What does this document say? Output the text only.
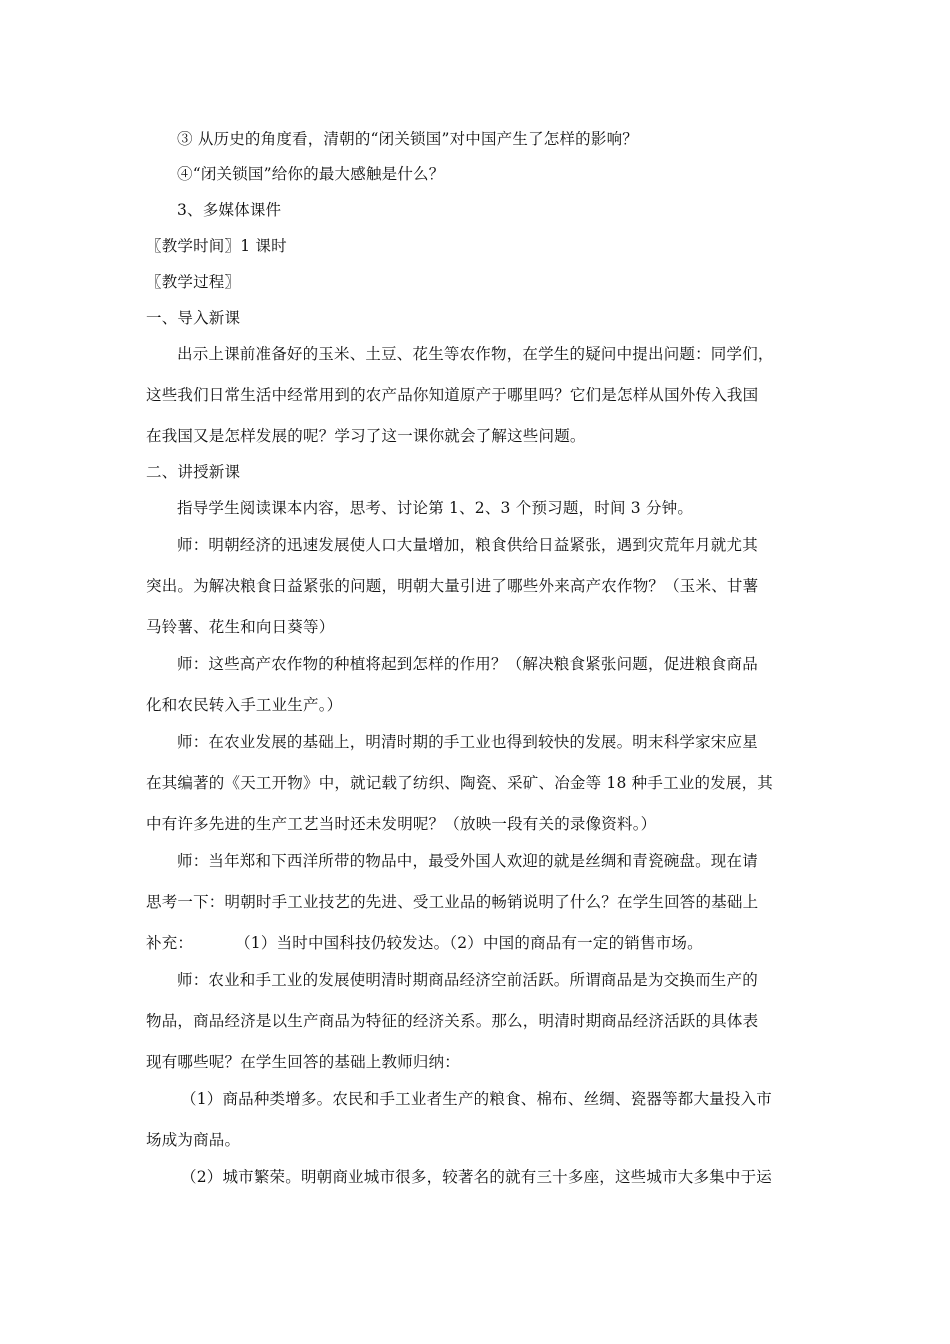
③ 从历史的角度看，清朝的“闭关锁国”对中国产生了怎样的影响？
④“闭关锁国”给你的最大感触是什么？
3、多媒体课件
〖教学时间〗1 课时
〖教学过程〗
一、导入新课
出示上课前准备好的玉米、土豆、花生等农作物，在学生的疑问中提出问题：同学们，
这些我们日常生活中经常用到的农产品你知道原产于哪里吗？它们是怎样从国外传入我国
在我国又是怎样发展的呢？学习了这一课你就会了解这些问题。
二、讲授新课
指导学生阅读课本内容，思考、讨论第 1、2、3 个预习题，时间 3 分钟。
师：明朝经济的迅速发展使人口大量增加，粮食供给日益紧张，遇到灾荒年月就尤其
突出。为解决粮食日益紧张的问题，明朝大量引进了哪些外来高产农作物？（玉米、甘薯
马铃薯、花生和向日葵等）
师：这些高产农作物的种植将起到怎样的作用？（解决粮食紧张问题，促进粮食商品
化和农民转入手工业生产。）
师：在农业发展的基础上，明清时期的手工业也得到较快的发展。明末科学家宋应星
在其编著的《天工开物》中，就记载了纺织、陶瓷、采矿、冶金等 18 种手工业的发展，其
中有许多先进的生产工艺当时还未发明呢？（放映一段有关的录像资料。）
师：当年郑和下西洋所带的物品中，最受外国人欢迎的就是丝绸和青瓷碗盘。现在请
思考一下：明朝时手工业技艺的先进、受工业品的畅销说明了什么？在学生回答的基础上
补充：	（1）当时中国科技仍较发达。（2）中国的商品有一定的销售市场。
师：农业和手工业的发展使明清时期商品经济空前活跃。所谓商品是为交换而生产的
物品，商品经济是以生产商品为特征的经济关系。那么，明清时期商品经济活跃的具体表
现有哪些呢？在学生回答的基础上教师归纳：
（1）商品种类增多。农民和手工业者生产的粮食、棉布、丝绸、瓷器等都大量投入市
场成为商品。
（2）城市繁荣。明朝商业城市很多，较著名的就有三十多座，这些城市大多集中于运
